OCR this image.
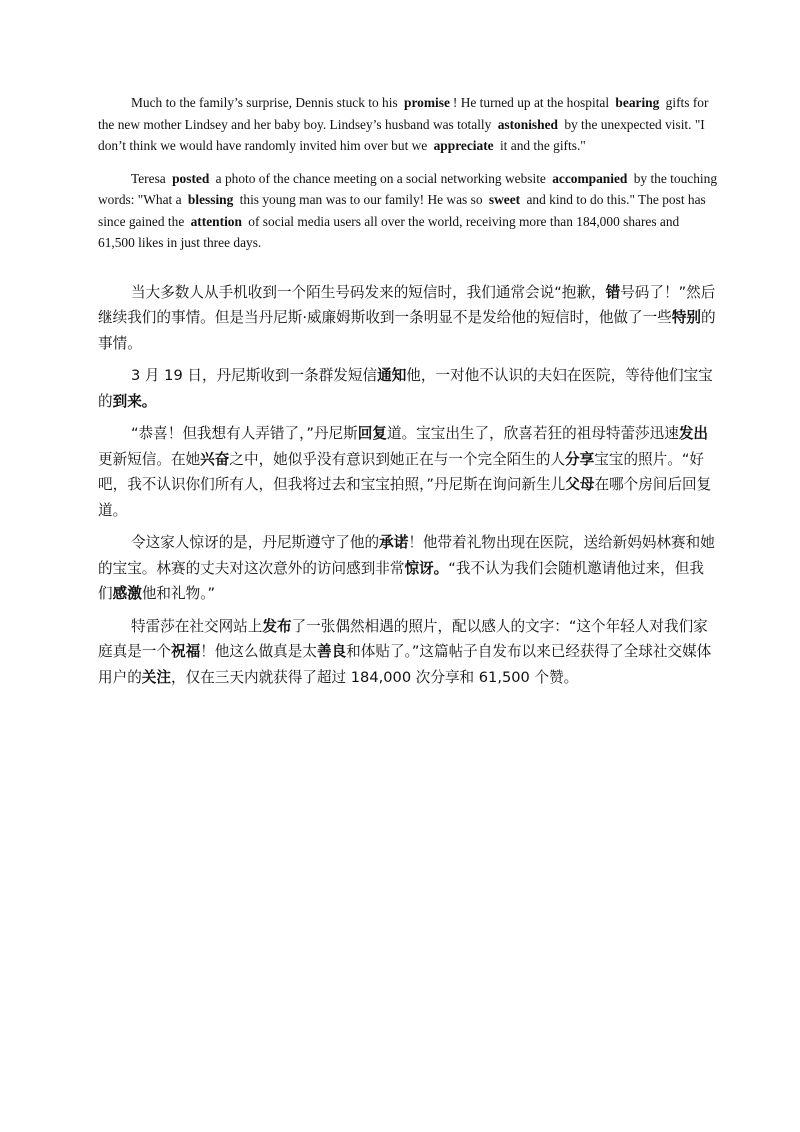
Much to the family’s surprise, Dennis stuck to his promise ! He turned up at the hospital bearing gifts for the new mother Lindsey and her baby boy. Lindsey’s husband was totally astonished by the unexpected visit. "I don’t think we would have randomly invited him over but we appreciate it and the gifts."

Teresa posted a photo of the chance meeting on a social networking website accompanied by the touching words: "What a blessing this young man was to our family! He was so sweet and kind to do this." The post has since gained the attention of social media users all over the world, receiving more than 184,000 shares and 61,500 likes in just three days.

当大多数人从手机收到一个陌生号码发来的短信时，我们通常会说“抱歉，错号码了！”然后继续我们的事情。但是当丹尼斯·威廉姆斯收到一条明显不是发给他的短信时，他做了一些特别的事情。

3 月 19 日，丹尼斯收到一条群发短信通知他，一对他不认识的夫妇在医院，等待他们宝宝的到来。

“恭喜！但我想有人弄错了，”丹尼斯回复道。宝宝出生了，欣喜若狂的祖母特蕾莎迅速发出更新短信。在她兴奋之中，她似乎没有意识到她正在与一个完全陌生的人分享宝宝的照片。“好吧，我不认识你们所有人，但我将过去和宝宝拍照，”丹尼斯在询问新生儿父母在哪个房间后回复道。

令这家人惊讶的是，丹尼斯遵守了他的承诺！他带着礼物出现在医院，送给新妈妈林赛和她的宝宝。林赛的丈夫对这次意外的访问感到非常惊讶。“我不认为我们会随机邀请他过来，但我们感激他和礼物。”

特雷莎在社交网站上发布了一张偶然相遇的照片，配以感人的文字：“这个年轻人对我们家庭真是一个祝福！他这么做真是太善良和体贴了。”这篇帖子自发布以来已经获得了全球社交媒体用户的关注，仅在三天内就获得了超过 184,000 次分享和 61,500 个赞。
